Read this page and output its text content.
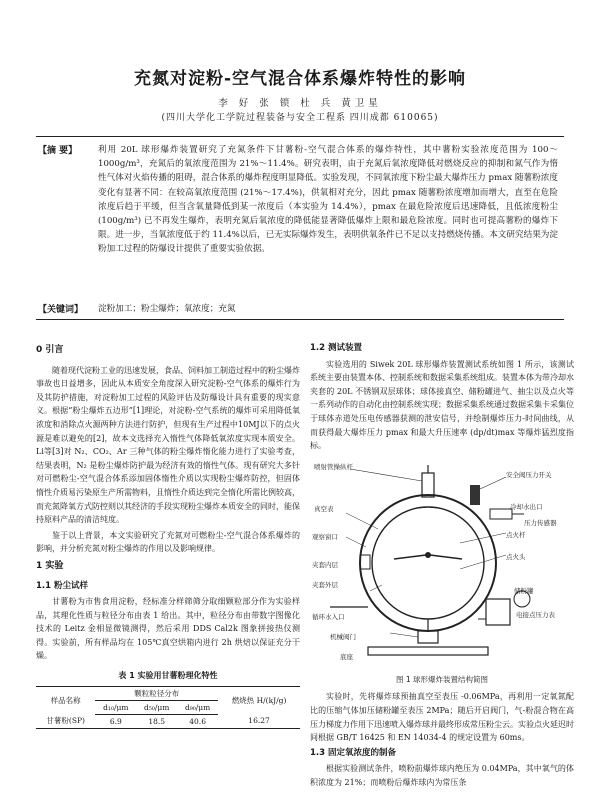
充氮对淀粉-空气混合体系爆炸特性的影响
李 好 张 锁 杜 兵 黄卫星
(四川大学化工学院过程装备与安全工程系 四川成都 610065)
【摘 要】 利用 20L 球形爆炸装置研究了充氮条件下甘薯粉-空气混合体系的爆炸特性，其中薯粉实验浓度范围为 100～1000g/m³，充氮后的氧浓度范围为 21%～11.4%。研究表明，由于充氮后氧浓度降低对燃烧反应的抑制和氮气作为惰性气体对火焰传播的阻碍，混合体系的爆炸程度明显降低。实验发现，不同氧浓度下粉尘最大爆炸压力 pmax 随薯粉浓度变化有显著不同：在较高氧浓度范围 (21%～17.4%)，供氧相对充分，因此 pmax 随薯粉浓度增加而增大，直至在危险浓度后趋于平缓，但当含氧量降低到某一浓度后（本实验为 14.4%），pmax 在最危险浓度后迅速降低，且低浓度粉尘 (100g/m³) 已不再发生爆炸，表明充氮后氧浓度的降低能显著降低爆炸上限和最危险浓度。同时也可提高薯粉的爆炸下限。进一步，当氧浓度低于约 11.4%以后，已无实际爆炸发生，表明供氧条件已不足以支持燃烧传播。本文研究结果为淀粉加工过程的防爆设计提供了重要实验依据。
【关键词】 淀粉加工；粉尘爆炸；氧浓度；充氮
0 引言

随着现代淀粉工业的迅速发展，食品、饲料加工制造过程中的粉尘爆炸事故也日益增多，因此从本质安全角度深入研究淀粉-空气体系的爆炸行为及其防护措施，对淀粉加工过程的风险评估及防爆设计具有重要的现实意义。根据“粉尘爆炸五边形”[1]理论，对淀粉-空气系统的爆炸可采用降低氧浓度和消除点火源两种方法进行防护，但现有生产过程中10MJ以下的点火源是难以避免的[2]，故本文选择充入惰性气体降低氧浓度实现本质安全。Li等[3]对 N₂、CO₂、Ar 三种气体的粉尘爆炸惰化能力进行了实验考查，结果表明，N₂ 是粉尘爆炸防护最为经济有效的惰性气体。现有研究大多针对可燃粉尘-空气混合体系添加固体惰性介质以实现粉尘爆炸防控，但固体惰性介质易污染原生产所需物料，且惰性介质达到完全惰化所需比例较高，而充氮降氧方式防控则以其经济的手段实现粉尘爆炸本质安全的同时，能保持原料产品的清洁纯度。

鉴于以上背景，本文实验研究了充氮对可燃粉尘-空气混合体系爆炸的影响，并分析充氮对粉尘爆炸的作用以及影响规律。

1 实验
1.1 粉尘试样

甘薯粉为市售食用淀粉，经标准分样筛筛分取细颗粒部分作为实验样品，其理化性质与粒径分布由表 1 给出。其中，粒径分布由带数字图像化技术的 Leitz 金相显微镜测得，然后采用 DDS Cal2k 图象拼接热仪测得。实验前，所有样品均在 105℃真空烘箱内进行 2h 烘焙以保证充分干燥。

表 1 实验用甘薯粉理化特性
样品名称	颗粒粒径分布			燃烧热 H/(kJ/g)
	d₁₀/μm	d₅₀/μm	d₉₀/μm	
甘薯粉(SP)	6.9	18.5	40.6	16.27
1.2 测试装置

实验选用的 Siwek 20L 球形爆炸装置测试系统如图 1 所示，该测试系统主要由装置本体、控制系统和数据采集系统组成。装置本体为带冷却水夹套的 20L 不锈钢双层球体；球体接真空、储粉罐进气、抽尘以及点火等一系列动作的自动化由控制系统实现；数据采集系统通过数据采集卡采集位于球体赤道处压电传感器获测的泄安信号，并绘制爆炸压力-时间曲线，从而获得最大爆炸压力 pmax 和最大升压速率 (dp/dt)max 等爆炸猛烈度指标。

喷射管操纵杆
安全阀压力开关
冷却水出口
压力传感器
真空表
点火杆
点火头
观察窗口
夹套内层
夹套外层
循环水入口
储粉罐
电接点压力表
机械阀门
底座
图 1 球形爆炸装置结构简图

实验时，先将爆炸球预抽真空至表压 -0.06MPa，再利用一定氧氮配比的压缩气体加压储粉罐至表压 2MPa；随后开启阀门，气-粉混合物在高压力梯度力作用下迅速喷入爆炸球并最终形成常压粉尘云。实验点火延迟时间根据 GB/T 16425 和 EN 14034-4 的规定设置为 60ms。

1.3 固定氧浓度的制备

根据实验测试条件，喷粉前爆炸球内绝压为 0.04MPa，其中氧气的体积浓度为 21%；而喷粉后爆炸球内为常压条
